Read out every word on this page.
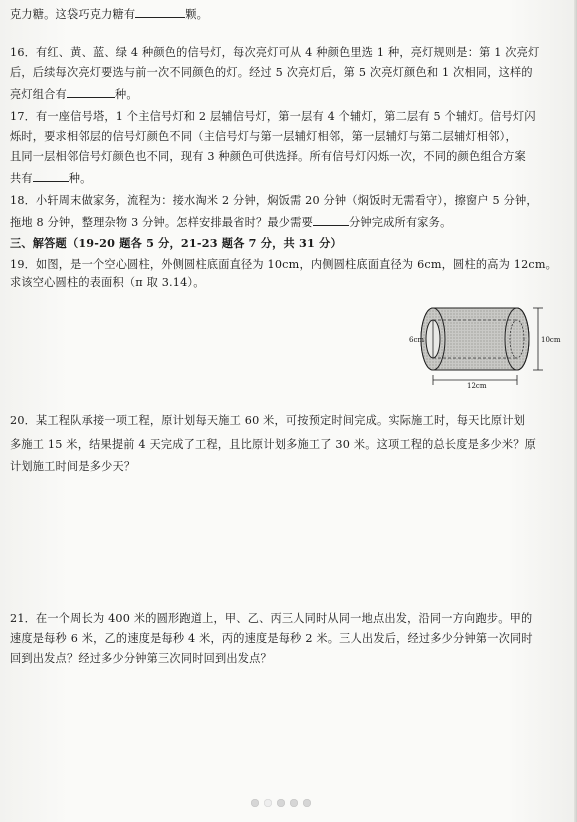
克力糖。这袋巧克力糖有	颗。
16．有红、黄、蓝、绿 4 种颜色的信号灯，每次亮灯可从 4 种颜色里选 1 种，亮灯规则是：第 1 次亮灯
后，后续每次亮灯要选与前一次不同颜色的灯。经过 5 次亮灯后，第 5 次亮灯颜色和 1 次相同，这样的
亮灯组合有	种。
17．有一座信号塔，1 个主信号灯和 2 层辅信号灯，第一层有 4 个辅灯，第二层有 5 个辅灯。信号灯闪
烁时，要求相邻层的信号灯颜色不同（主信号灯与第一层辅灯相邻，第一层辅灯与第二层辅灯相邻），
且同一层相邻信号灯颜色也不同，现有 3 种颜色可供选择。所有信号灯闪烁一次，不同的颜色组合方案
共有	种。
18．小轩周末做家务，流程为：接水淘米 2 分钟，焖饭需 20 分钟（焖饭时无需看守），擦窗户 5 分钟，
拖地 8 分钟，整理杂物 3 分钟。怎样安排最省时？最少需要	分钟完成所有家务。
三、解答题（19-20 题各 5 分，21-23 题各 7 分，共 31 分）
19．如图，是一个空心圆柱，外侧圆柱底面直径为 10cm，内侧圆柱底面直径为 6cm，圆柱的高为 12cm。
求该空心圆柱的表面积（π 取 3.14）。
6cm	10cm
12cm
20．某工程队承接一项工程，原计划每天施工 60 米，可按预定时间完成。实际施工时，每天比原计划
多施工 15 米，结果提前 4 天完成了工程，且比原计划多施工了 30 米。这项工程的总长度是多少米？原
计划施工时间是多少天？
21．在一个周长为 400 米的圆形跑道上，甲、乙、丙三人同时从同一地点出发，沿同一方向跑步。甲的
速度是每秒 6 米，乙的速度是每秒 4 米，丙的速度是每秒 2 米。三人出发后，经过多少分钟第一次同时
回到出发点？经过多少分钟第三次同时回到出发点？
